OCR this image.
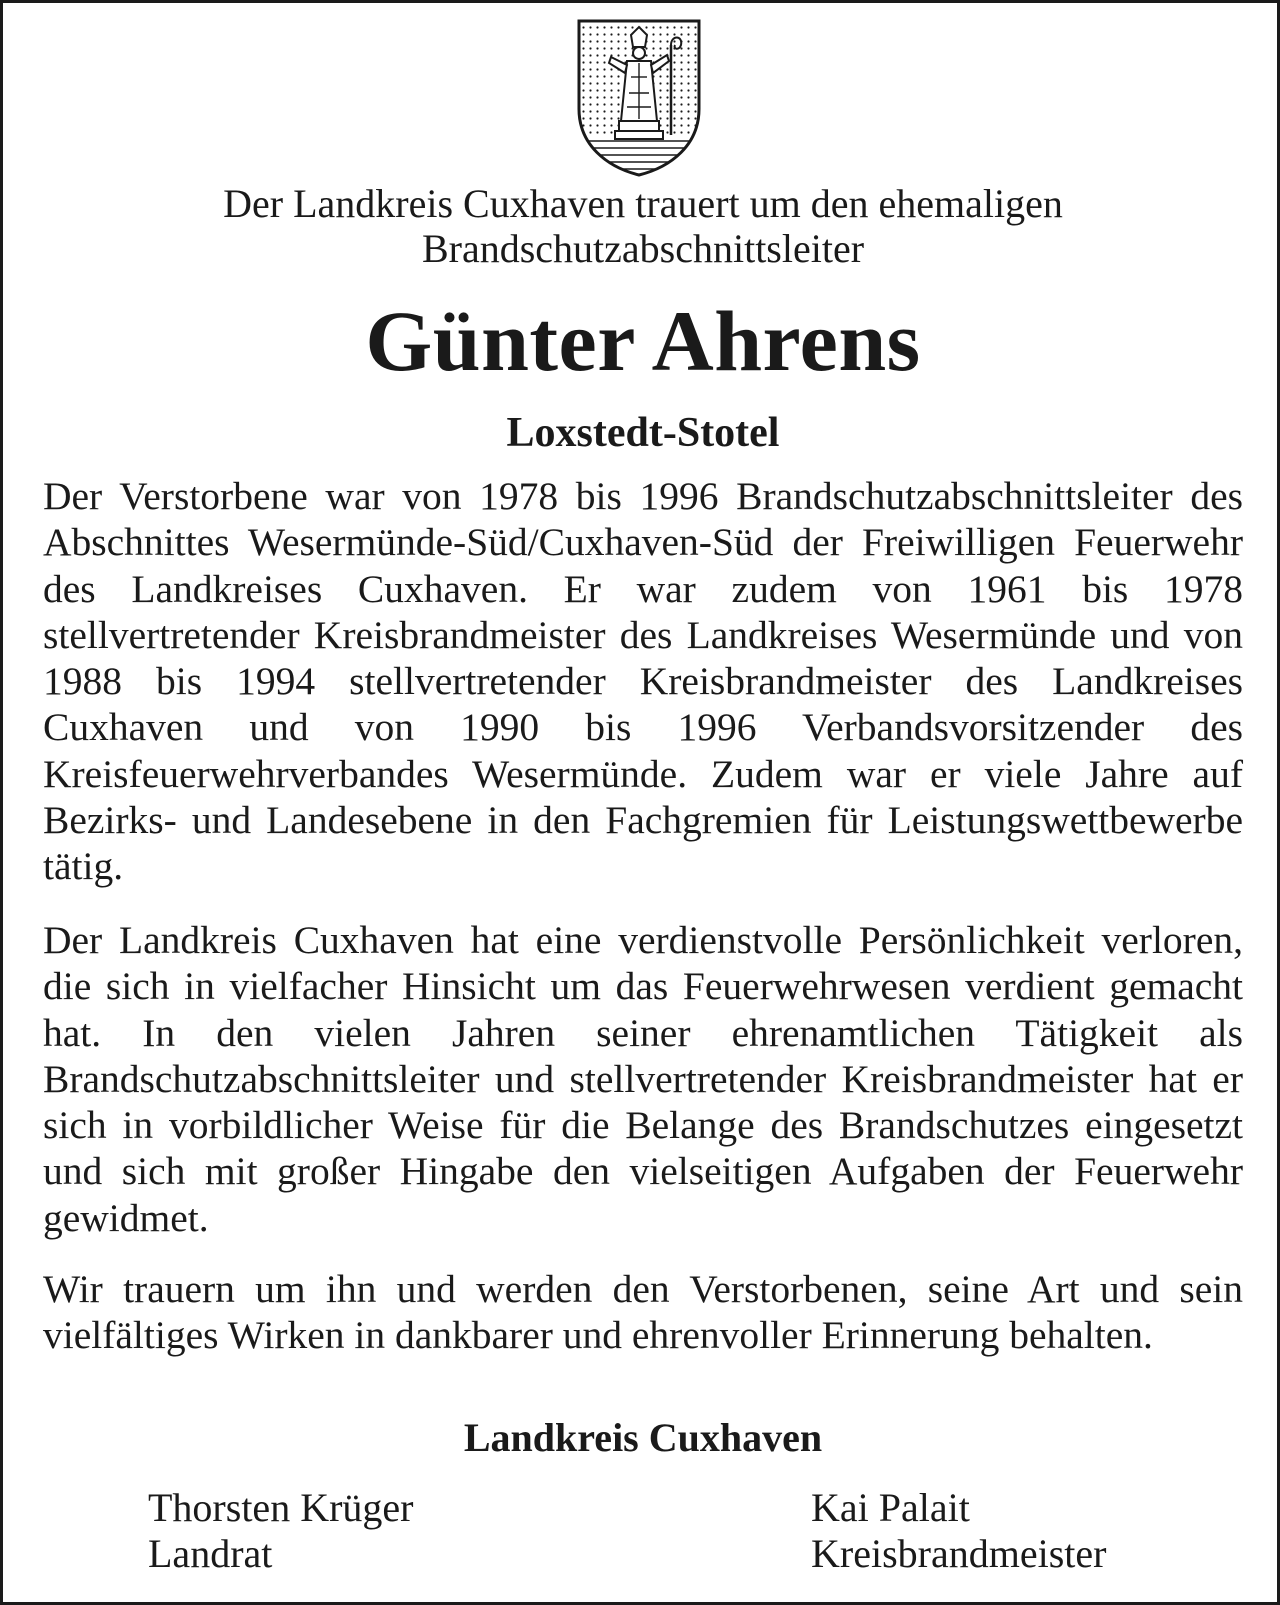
Der Landkreis Cuxhaven trauert um den ehemaligen
Brandschutzabschnittsleiter
Günter Ahrens
Loxstedt-Stotel

Der Verstorbene war von 1978 bis 1996 Brandschutzabschnittsleiter des Abschnittes Wesermünde-Süd/Cuxhaven-Süd der Freiwilligen Feuerwehr des Landkreises Cuxhaven. Er war zudem von 1961 bis 1978 stellvertretender Kreisbrandmeister des Landkreises Wesermünde und von 1988 bis 1994 stellvertretender Kreisbrandmeister des Landkreises Cuxhaven und von 1990 bis 1996 Verbandsvorsitzender des Kreisfeuerwehrverbandes Wesermünde. Zudem war er viele Jahre auf Bezirks- und Landesebene in den Fachgremien für Leistungswettbewerbe tätig.

Der Landkreis Cuxhaven hat eine verdienstvolle Persönlichkeit verloren, die sich in vielfacher Hinsicht um das Feuerwehrwesen verdient gemacht hat. In den vielen Jahren seiner ehrenamtlichen Tätigkeit als Brandschutzabschnittsleiter und stellvertretender Kreisbrandmeister hat er sich in vorbildlicher Weise für die Belange des Brandschutzes eingesetzt und sich mit großer Hingabe den vielseitigen Aufgaben der Feuerwehr gewidmet.

Wir trauern um ihn und werden den Verstorbenen, seine Art und sein vielfältiges Wirken in dankbarer und ehrenvoller Erinnerung behalten.

Landkreis Cuxhaven
Thorsten Krüger
Landrat
Kai Palait
Kreisbrandmeister
